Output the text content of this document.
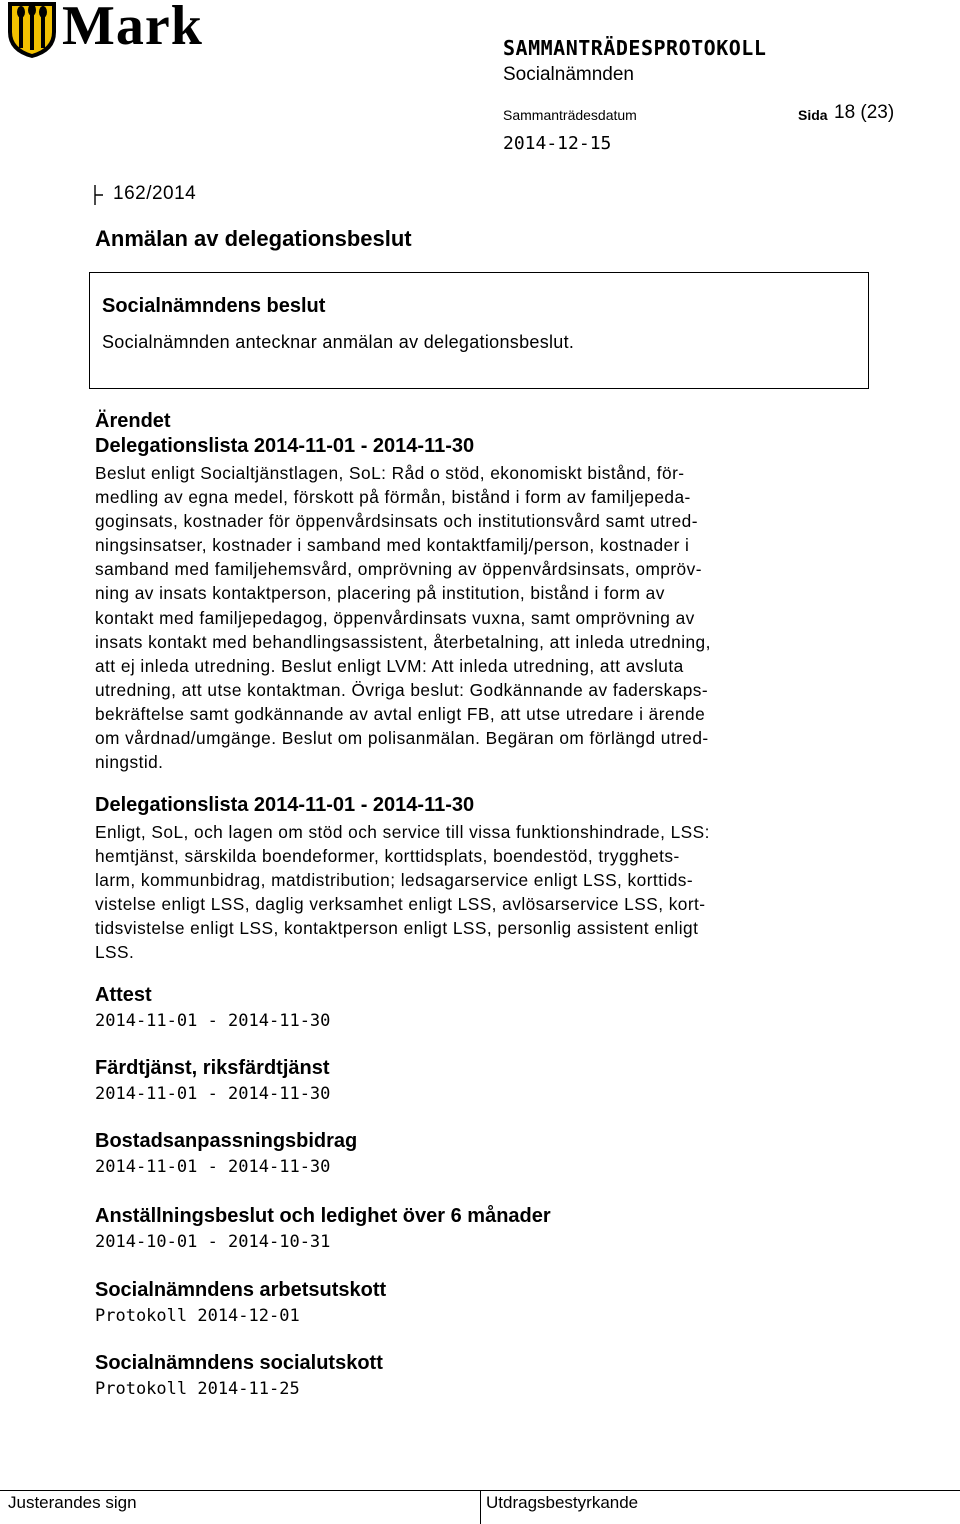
Mark	SAMMANTRÄDESPROTOKOLL
Socialnämnden
Sammanträdesdatum	Sida 18 (23)
2014-12-15
162/2014
Anmälan av delegationsbeslut
Socialnämndens beslut
Socialnämnden antecknar anmälan av delegationsbeslut.
Ärendet
Delegationslista 2014-11-01 - 2014-11-30
Beslut enligt Socialtjänstlagen, SoL: Råd o stöd, ekonomiskt bistånd, för-
medling av egna medel, förskott på förmån, bistånd i form av familjepeda-
goginsats, kostnader för öppenvårdsinsats och institutionsvård samt utred-
ningsinsatser, kostnader i samband med kontaktfamilj/person, kostnader i
samband med familjehemsvård, omprövning av öppenvårdsinsats, ompröv-
ning av insats kontaktperson, placering på institution, bistånd i form av
kontakt med familjepedagog, öppenvårdinsats vuxna, samt omprövning av
insats kontakt med behandlingsassistent, återbetalning, att inleda utredning,
att ej inleda utredning. Beslut enligt LVM: Att inleda utredning, att avsluta
utredning, att utse kontaktman. Övriga beslut: Godkännande av faderskaps-
bekräftelse samt godkännande av avtal enligt FB, att utse utredare i ärende
om vårdnad/umgänge. Beslut om polisanmälan. Begäran om förlängd utred-
ningstid.
Delegationslista 2014-11-01 - 2014-11-30
Enligt, SoL, och lagen om stöd och service till vissa funktionshindrade, LSS:
hemtjänst, särskilda boendeformer, korttidsplats, boendestöd, trygghets-
larm, kommunbidrag, matdistribution; ledsagarservice enligt LSS, korttids-
vistelse enligt LSS, daglig verksamhet enligt LSS, avlösarservice LSS, kort-
tidsvistelse enligt LSS, kontaktperson enligt LSS, personlig assistent enligt
LSS.
Attest
2014-11-01 - 2014-11-30
Färdtjänst, riksfärdtjänst
2014-11-01 - 2014-11-30
Bostadsanpassningsbidrag
2014-11-01 - 2014-11-30
Anställningsbeslut och ledighet över 6 månader
2014-10-01 - 2014-10-31
Socialnämndens arbetsutskott
Protokoll 2014-12-01
Socialnämndens socialutskott
Protokoll 2014-11-25
Justerandes sign	Utdragsbestyrkande
